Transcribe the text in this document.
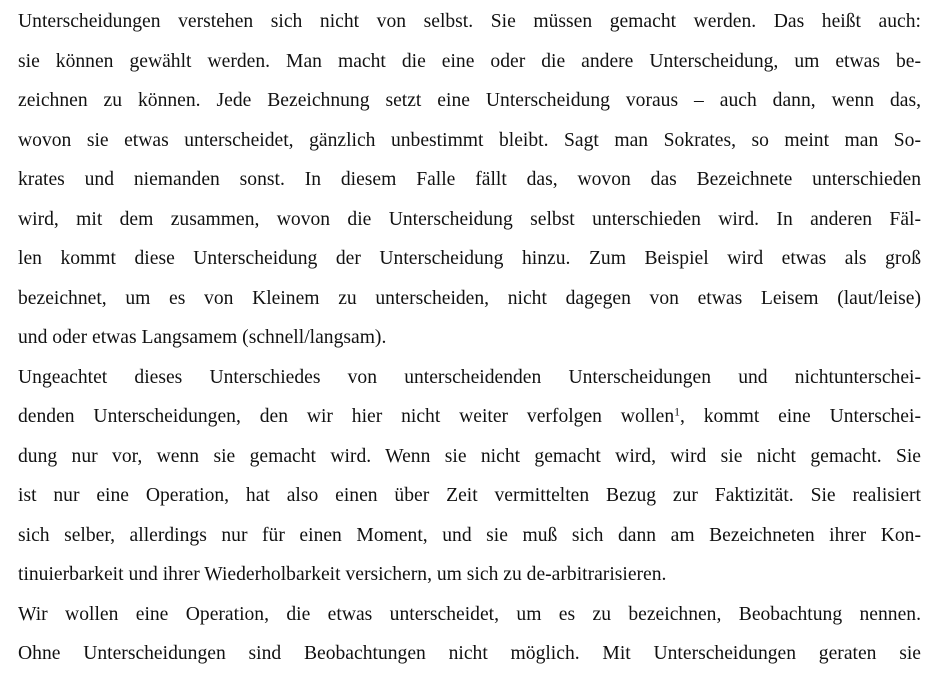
Unterscheidungen verstehen sich nicht von selbst. Sie müssen gemacht werden. Das heißt auch:
sie können gewählt werden. Man macht die eine oder die andere Unterscheidung, um etwas be-
zeichnen zu können. Jede Bezeichnung setzt eine Unterscheidung voraus – auch dann, wenn das,
wovon sie etwas unterscheidet, gänzlich unbestimmt bleibt. Sagt man Sokrates, so meint man So-
krates und niemanden sonst. In diesem Falle fällt das, wovon das Bezeichnete unterschieden
wird, mit dem zusammen, wovon die Unterscheidung selbst unterschieden wird. In anderen Fäl-
len kommt diese Unterscheidung der Unterscheidung hinzu. Zum Beispiel wird etwas als groß
bezeichnet, um es von Kleinem zu unterscheiden, nicht dagegen von etwas Leisem (laut/leise)
und oder etwas Langsamem (schnell/langsam).
Ungeachtet dieses Unterschiedes von unterscheidenden Unterscheidungen und nichtunterschei-
denden Unterscheidungen, den wir hier nicht weiter verfolgen wollen$^1$, kommt eine Unterschei-
dung nur vor, wenn sie gemacht wird. Wenn sie nicht gemacht wird, wird sie nicht gemacht. Sie
ist nur eine Operation, hat also einen über Zeit vermittelten Bezug zur Faktizität. Sie realisiert
sich selber, allerdings nur für einen Moment, und sie muß sich dann am Bezeichneten ihrer Kon-
tinuierbarkeit und ihrer Wiederholbarkeit versichern, um sich zu de-arbitrarisieren.
Wir wollen eine Operation, die etwas unterscheidet, um es zu bezeichnen, Beobachtung nennen.
Ohne Unterscheidungen sind Beobachtungen nicht möglich. Mit Unterscheidungen geraten sie
